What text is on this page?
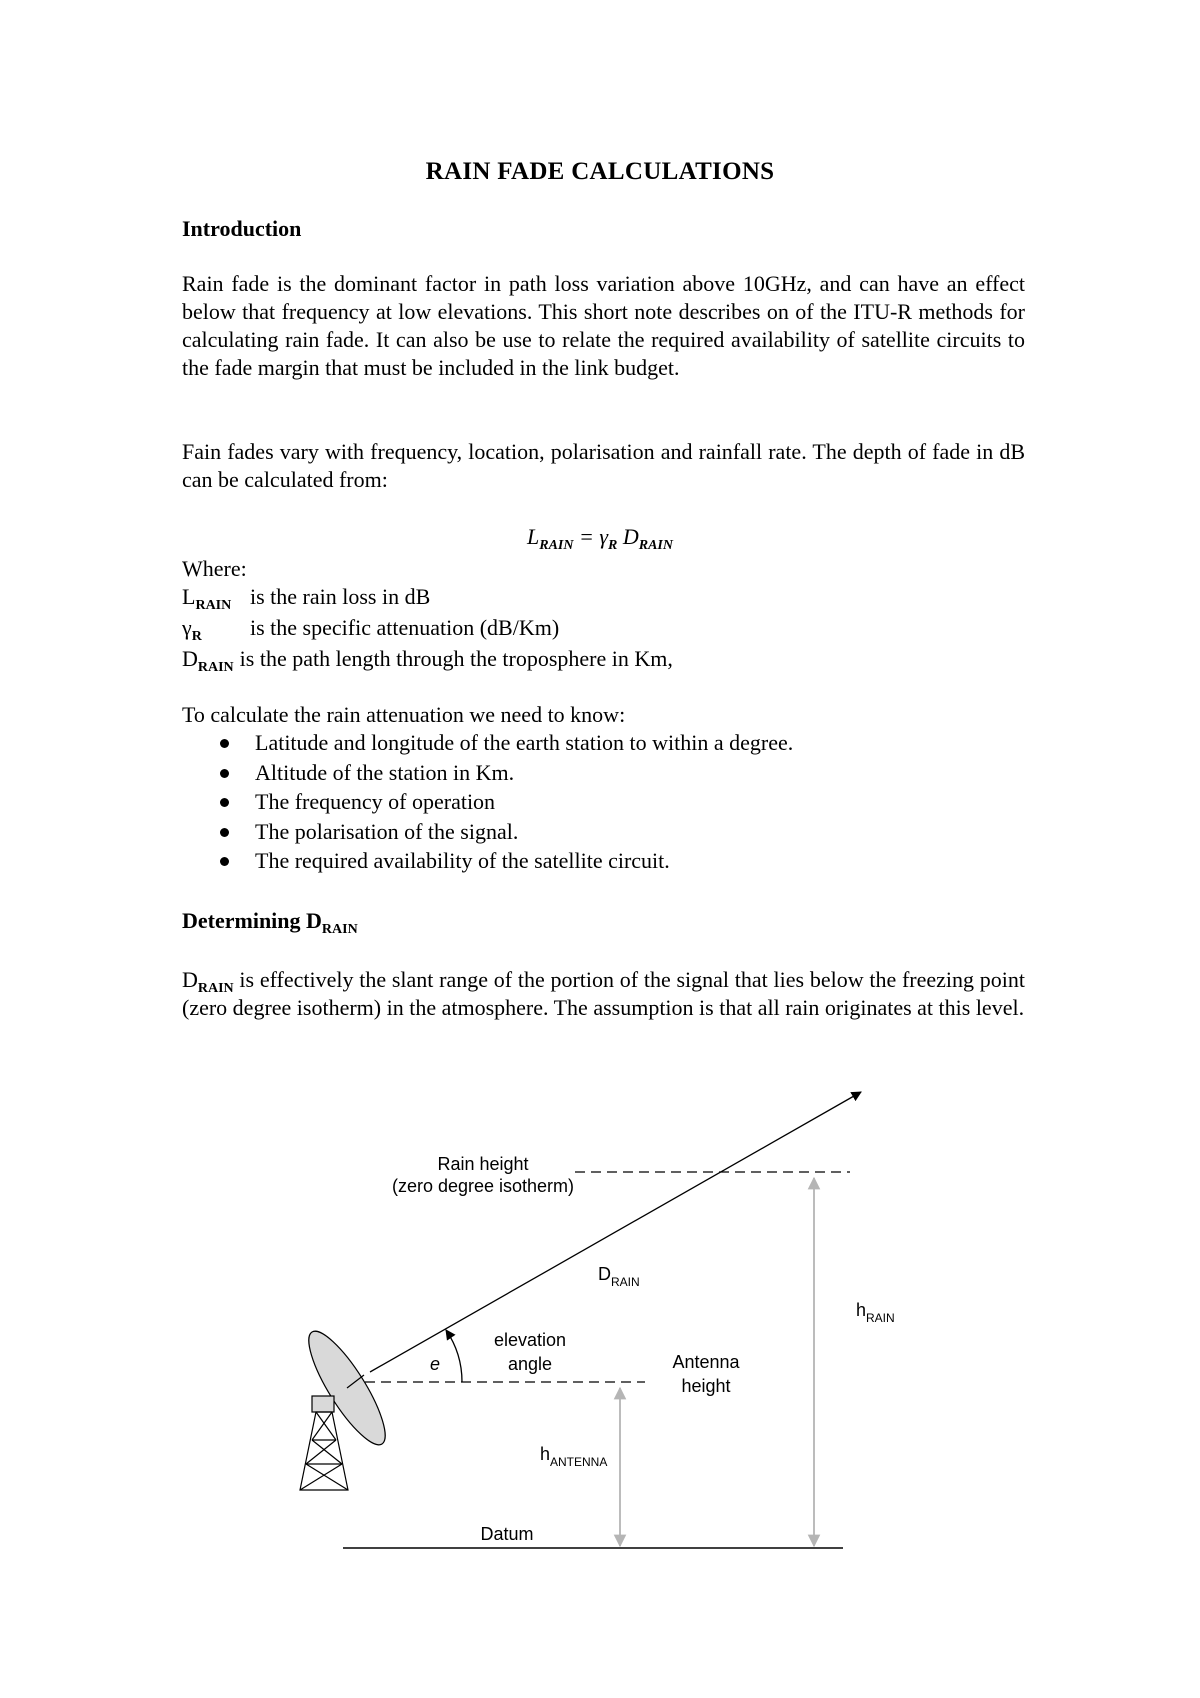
RAIN FADE CALCULATIONS
Introduction
Rain fade is the dominant factor in path loss variation above 10GHz, and can have an effect below that frequency at low elevations. This short note describes on of the ITU-R methods for calculating rain fade. It can also be use to relate the required availability of satellite circuits to the fade margin that must be included in the link budget.
Fain fades vary with frequency, location, polarisation and rainfall rate. The depth of fade in dB can be calculated from:
$L_{RAIN} = \gamma_R$ $D_{RAIN}$
Where:
$L_{RAIN}$ is the rain loss in dB
$\gamma_R$ is the specific attenuation (dB/Km)
$D_{RAIN}$ is the path length through the troposphere in Km,
To calculate the rain attenuation we need to know:
Latitude and longitude of the earth station to within a degree.
Altitude of the station in Km.
The frequency of operation
The polarisation of the signal.
The required availability of the satellite circuit.
Determining $D_{RAIN}$
$D_{RAIN}$ is effectively the slant range of the portion of the signal that lies below the freezing point (zero degree isotherm) in the atmosphere. The assumption is that all rain originates at this level.
Rain height
(zero degree isotherm)
$D_{RAIN}$
$h_{RAIN}$
elevation
angle
e	Antenna
height
$h_{ANTENNA}$
Datum
